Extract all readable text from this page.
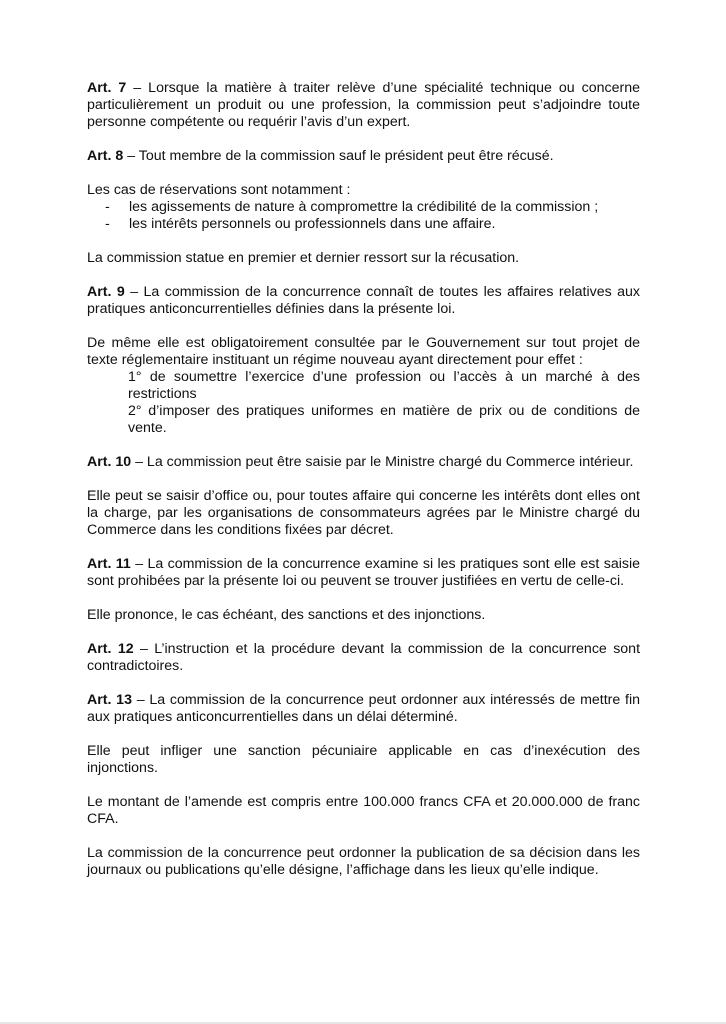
Art. 7 – Lorsque la matière à traiter relève d’une spécialité technique ou concerne particulièrement un produit ou une profession, la commission peut s’adjoindre toute personne compétente ou requérir l’avis d’un expert.

Art. 8 – Tout membre de la commission sauf le président peut être récusé.

Les cas de réservations sont notamment :
- les agissements de nature à compromettre la crédibilité de la commission ;
- les intérêts personnels ou professionnels dans une affaire.

La commission statue en premier et dernier ressort sur la récusation.

Art. 9 – La commission de la concurrence connaît de toutes les affaires relatives aux pratiques anticoncurrentielles définies dans la présente loi.

De même elle est obligatoirement consultée par le Gouvernement sur tout projet de texte réglementaire instituant un régime nouveau ayant directement pour effet :
1° de soumettre l’exercice d’une profession ou l’accès à un marché à des restrictions
2° d’imposer des pratiques uniformes en matière de prix ou de conditions de vente.

Art. 10 – La commission peut être saisie par le Ministre chargé du Commerce intérieur.

Elle peut se saisir d’office ou, pour toutes affaire qui concerne les intérêts dont elles ont la charge, par les organisations de consommateurs agrées par le Ministre chargé du Commerce dans les conditions fixées par décret.

Art. 11 – La commission de la concurrence examine si les pratiques sont elle est saisie sont prohibées par la présente loi ou peuvent se trouver justifiées en vertu de celle-ci.

Elle prononce, le cas échéant, des sanctions et des injonctions.

Art. 12 – L’instruction et la procédure devant la commission de la concurrence sont contradictoires.

Art. 13 – La commission de la concurrence peut ordonner aux intéressés de mettre fin aux pratiques anticoncurrentielles dans un délai déterminé.

Elle peut infliger une sanction pécuniaire applicable en cas d’inexécution des injonctions.

Le montant de l’amende est compris entre 100.000 francs CFA et 20.000.000 de franc CFA.

La commission de la concurrence peut ordonner la publication de sa décision dans les journaux ou publications qu’elle désigne, l’affichage dans les lieux qu’elle indique.
